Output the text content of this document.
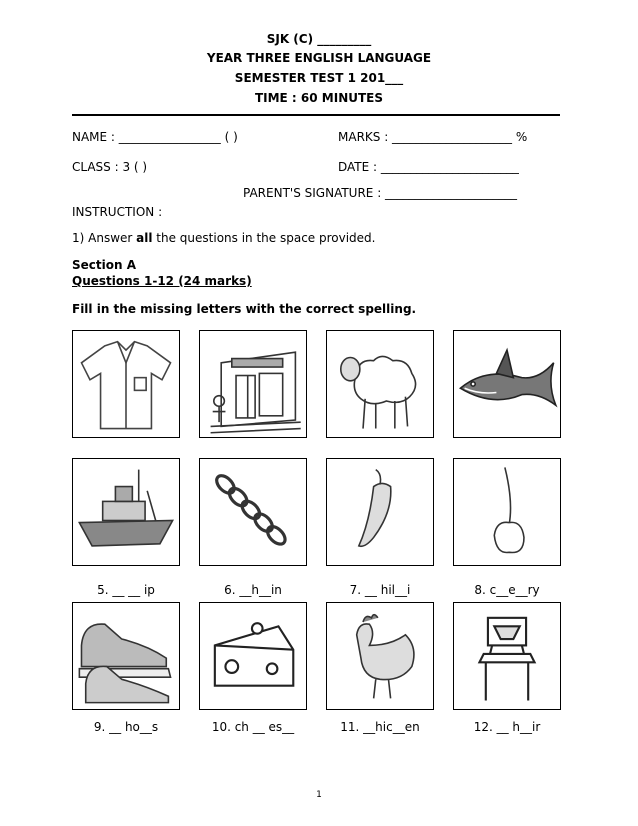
SJK (C) _________
YEAR THREE ENGLISH LANGUAGE
SEMESTER TEST 1 201___
TIME : 60 MINUTES
NAME : _________________ ( )	MARKS : ____________________ %
CLASS : 3 ( )	DATE : _______________________
PARENT'S SIGNATURE : ______________________
INSTRUCTION :
1) Answer all the questions in the space provided.
Section A
Questions 1-12 (24 marks)
Fill in the missing letters with the correct spelling.
5. __ __ ip	6. __h__in	7. __ hil__i	8. c__e__ry
9. __ ho__s	10. ch __ es__	11. __hic__en	12. __ h__ir
1
